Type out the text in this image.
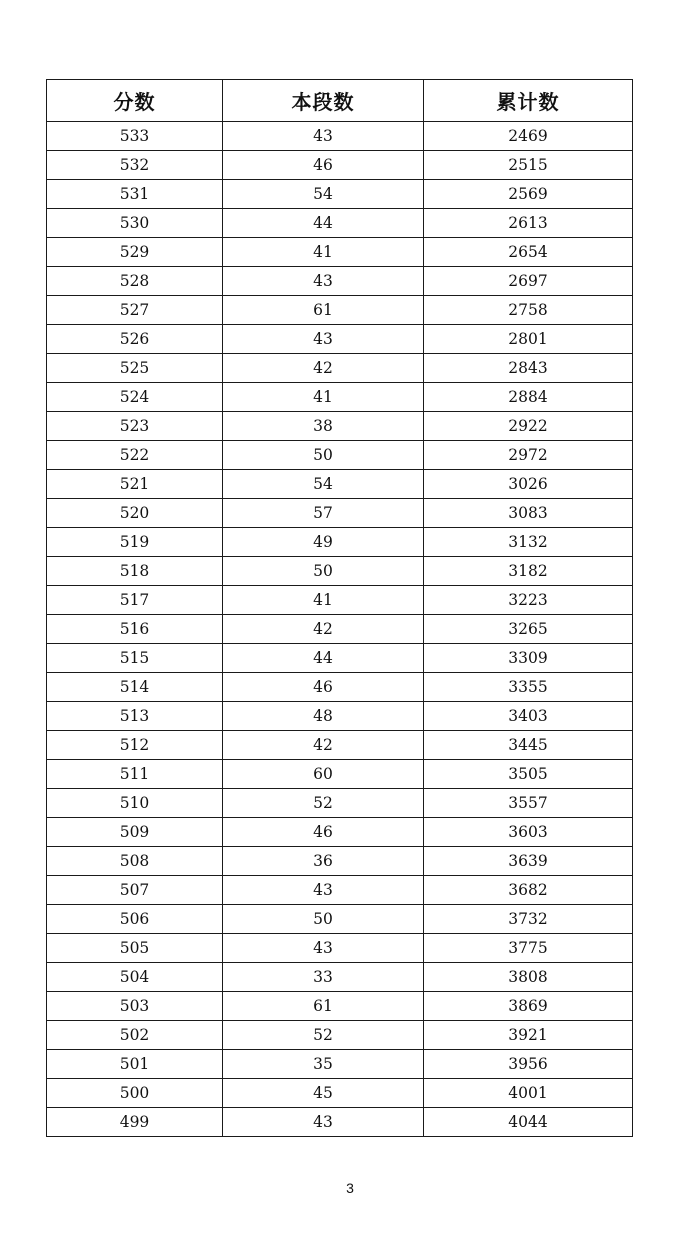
分数	本段数	累计数
533	43	2469
532	46	2515
531	54	2569
530	44	2613
529	41	2654
528	43	2697
527	61	2758
526	43	2801
525	42	2843
524	41	2884
523	38	2922
522	50	2972
521	54	3026
520	57	3083
519	49	3132
518	50	3182
517	41	3223
516	42	3265
515	44	3309
514	46	3355
513	48	3403
512	42	3445
511	60	3505
510	52	3557
509	46	3603
508	36	3639
507	43	3682
506	50	3732
505	43	3775
504	33	3808
503	61	3869
502	52	3921
501	35	3956
500	45	4001
499	43	4044
3
